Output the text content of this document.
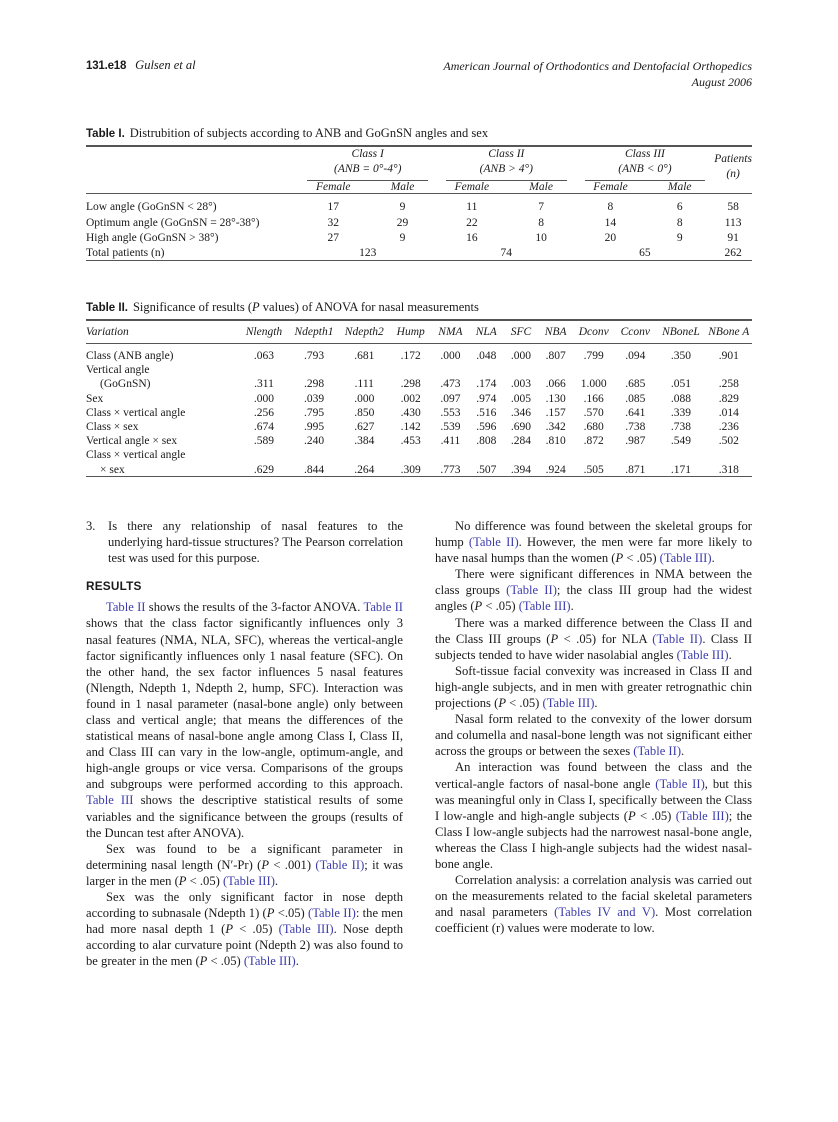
131.e18 Gulsen et al	American Journal of Orthodontics and Dentofacial Orthopedics
August 2006
Table I. Distrubition of subjects according to ANB and GoGnSN angles and sex

Class I
(ANB = 0°-4°)

Class II
(ANB > 4°)

Class III
(ANB < 0°)

Patients
(n)

	Female	Male	Female	Male	Female	Male	

Low angle (GoGnSN < 28°)	17	9	11	7	8	6	58
Optimum angle (GoGnSN = 28°-38°)	32	29	22	8	14	8	113
High angle (GoGnSN > 38°)	27	9	16	10	20	9	91
Total patients (n)	123		74		65		262

Table II. Significance of results (P values) of ANOVA for nasal measurements

Variation	Nlength	Ndepth1	Ndepth2	Hump	NMA	NLA	SFC	NBA	Dconv	Cconv	NBoneL	NBone A

Class (ANB angle)	.063	.793	.681	.172	.000	.048	.000	.807	.799	.094	.350	.901
Vertical angle												
(GoGnSN)	.311	.298	.111	.298	.473	.174	.003	.066	1.000	.685	.051	.258
Sex	.000	.039	.000	.002	.097	.974	.005	.130	.166	.085	.088	.829
Class × vertical angle	.256	.795	.850	.430	.553	.516	.346	.157	.570	.641	.339	.014
Class × sex	.674	.995	.627	.142	.539	.596	.690	.342	.680	.738	.738	.236
Vertical angle × sex	.589	.240	.384	.453	.411	.808	.284	.810	.872	.987	.549	.502
Class × vertical angle												
× sex	.629	.844	.264	.309	.773	.507	.394	.924	.505	.871	.171	.318

3. Is there any relationship of nasal features to the underlying hard-tissue structures? The Pearson correlation test was used for this purpose.
RESULTS

Table II shows the results of the 3-factor ANOVA. Table II shows that the class factor significantly influences only 3 nasal features (NMA, NLA, SFC), whereas the vertical-angle factor significantly influences only 1 nasal feature (SFC). On the other hand, the sex factor influences 5 nasal features (Nlength, Ndepth 1, Ndepth 2, hump, SFC). Interaction was found in 1 nasal parameter (nasal-bone angle) only between class and vertical angle; that means the differences of the statistical means of nasal-bone angle among Class I, Class II, and Class III can vary in the low-angle, optimum-angle, and high-angle groups or vice versa. Comparisons of the groups and subgroups were performed according to this approach. Table III shows the descriptive statistical results of some variables and the significance between the groups (results of the Duncan test after ANOVA).

Sex was found to be a significant parameter in determining nasal length (N′-Pr) (P < .001) (Table II); it was larger in the men (P < .05) (Table III).

Sex was the only significant factor in nose depth according to subnasale (Ndepth 1) (P <.05) (Table II): the men had more nasal depth 1 (P < .05) (Table III). Nose depth according to alar curvature point (Ndepth 2) was also found to be greater in the men (P < .05) (Table III).

No difference was found between the skeletal groups for hump (Table II). However, the men were far more likely to have nasal humps than the women (P < .05) (Table III).

There were significant differences in NMA between the class groups (Table II); the class III group had the widest angles (P < .05) (Table III).

There was a marked difference between the Class II and the Class III groups (P < .05) for NLA (Table II). Class II subjects tended to have wider nasolabial angles (Table III).

Soft-tissue facial convexity was increased in Class II and high-angle subjects, and in men with greater retrognathic chin projections (P < .05) (Table III).

Nasal form related to the convexity of the lower dorsum and columella and nasal-bone length was not significant either across the groups or between the sexes (Table II).

An interaction was found between the class and the vertical-angle factors of nasal-bone angle (Table II), but this was meaningful only in Class I, specifically between the Class I low-angle and high-angle subjects (P < .05) (Table III); the Class I low-angle subjects had the narrowest nasal-bone angle, whereas the Class I high-angle subjects had the widest nasal-bone angle.

Correlation analysis: a correlation analysis was carried out on the measurements related to the facial skeletal parameters and nasal parameters (Tables IV and V). Most correlation coefficient (r) values were moderate to low.
